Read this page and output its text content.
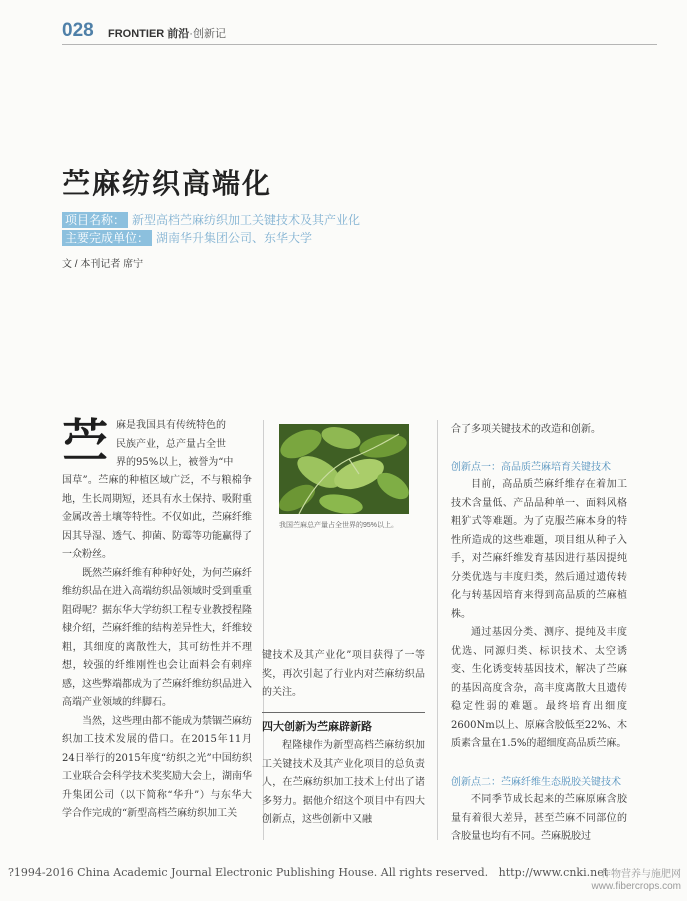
028 FRONTIER 前沿·创新记
苎麻纺织高端化
项目名称： 新型高档苎麻纺织加工关键技术及其产业化
主要完成单位： 湖南华升集团公司、东华大学
文 / 本刊记者 席宁
苎 麻是我国具有传统特色的
民族产业，总产量占全世
界的95%以上，被誉为“中

国草”。苎麻的种植区域广泛，不与粮棉争地，生长周期短，还具有水土保持、吸附重金属改善土壤等特性。不仅如此，苎麻纤维因其导湿、透气、抑菌、防霉等功能赢得了一众粉丝。

既然苎麻纤维有种种好处，为何苎麻纤维纺织品在进入高端纺织品领域时受到重重阻碍呢？据东华大学纺织工程专业教授程隆棣介绍，苎麻纤维的结构差异性大，纤维较粗，其细度的离散性大，其可纺性并不理想，较强的纤维刚性也会让面料会有刺痒感，这些弊端都成为了苎麻纤维纺织品进入高端产业领域的绊脚石。

当然，这些理由都不能成为禁锢苎麻纺织加工技术发展的借口。在2015年11月24日举行的2015年度“纺织之光”中国纺织工业联合会科学技术奖奖励大会上，湖南华升集团公司（以下简称“华升”）与东华大学合作完成的“新型高档苎麻纺织加工关

我国苎麻总产量占全世界的95%以上。

键技术及其产业化”项目获得了一等奖，再次引起了行业内对苎麻纺织品的关注。

四大创新为苎麻辟新路

程隆棣作为新型高档苎麻纺织加工关键技术及其产业化项目的总负责人，在苎麻纺织加工技术上付出了诸多努力。据他介绍这个项目中有四大创新点，这些创新中又融

合了多项关键技术的改造和创新。

创新点一：高品质苎麻培育关键技术

目前，高品质苎麻纤维存在着加工技术含量低、产品品种单一、面料风格粗犷式等难题。为了克服苎麻本身的特性所造成的这些难题，项目组从种子入手，对苎麻纤维发育基因进行基因提纯分类优选与丰度归类，然后通过遗传转化与转基因培育来得到高品质的苎麻植株。

通过基因分类、测序、提纯及丰度优选、同源归类、标识技术、太空诱变、生化诱变转基因技术，解决了苎麻的基因高度含杂，高丰度离散大且遗传稳定性弱的难题。最终培育出细度2600Nm以上、原麻含胶低至22%、木质素含量在1.5%的超细度高品质苎麻。

创新点二：苎麻纤维生态脱胶关键技术

不同季节成长起来的苎麻原麻含胶量有着很大差异，甚至苎麻不同部位的含胶量也均有不同。苎麻脱胶过

?1994-2016 China Academic Journal Electronic Publishing House. All rights reserved. http://www.cnki.net
作物营养与施肥网
www.fibercrops.com
